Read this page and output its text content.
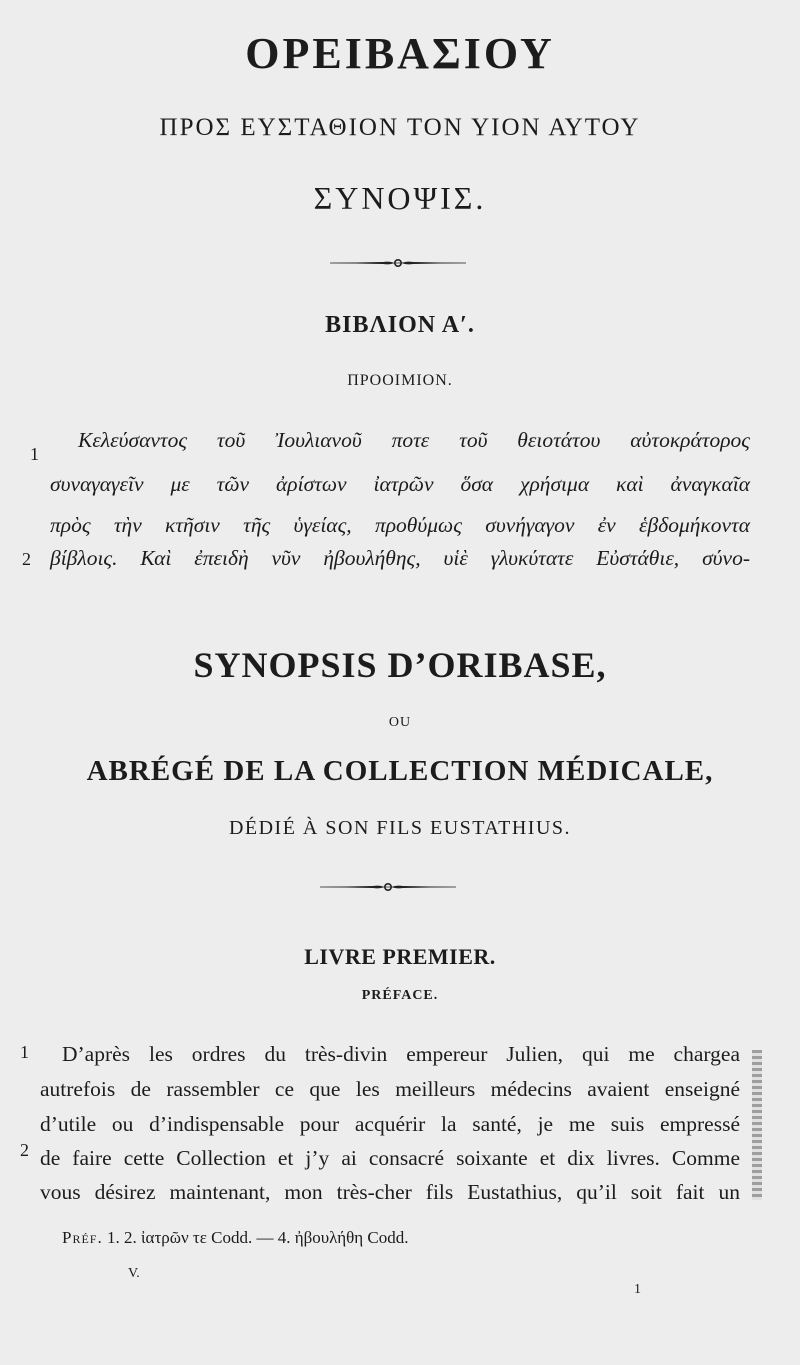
ΟΡΕΙΒΑΣΙΟΥ
ΠΡΟΣ ΕΥΣΤΑΘΙΟΝ ΤΟΝ ΥΙΟΝ ΑΥΤΟΥ
ΣΥΝΟΨΙΣ.
ΒΙΒΛΙΟΝ Α′.
ΠΡΟΟΙΜΙΟΝ.
1
Κελεύσαντος τοῦ Ἰουλιανοῦ ποτε τοῦ θειοτάτου αὐτοκράτορος
συναγαγεῖν με τῶν ἀρίστων ἰατρῶν ὅσα χρήσιμα καὶ ἀναγκαῖα
πρὸς τὴν κτῆσιν τῆς ὑγείας, προθύμως συνήγαγον ἐν ἑβδομήκοντα
2 βίβλοις. Καὶ ἐπειδὴ νῦν ἠβουλήθης, υἱὲ γλυκύτατε Εὐστάθιε, σύνο-
SYNOPSIS D’ORIBASE,
OU
ABRÉGÉ DE LA COLLECTION MÉDICALE,
DÉDIÉ À SON FILS EUSTATHIUS.
LIVRE PREMIER.
PRÉFACE.
1 D’après les ordres du très-divin empereur Julien, qui me chargea
autrefois de rassembler ce que les meilleurs médecins avaient enseigné
d’utile ou d’indispensable pour acquérir la santé, je me suis empressé
2 de faire cette Collection et j’y ai consacré soixante et dix livres. Comme
vous désirez maintenant, mon très-cher fils Eustathius, qu’il soit fait un
Préf. 1. 2. ἰατρῶν τε Codd. — 4. ἠβουλήθη Codd.
V.
1
